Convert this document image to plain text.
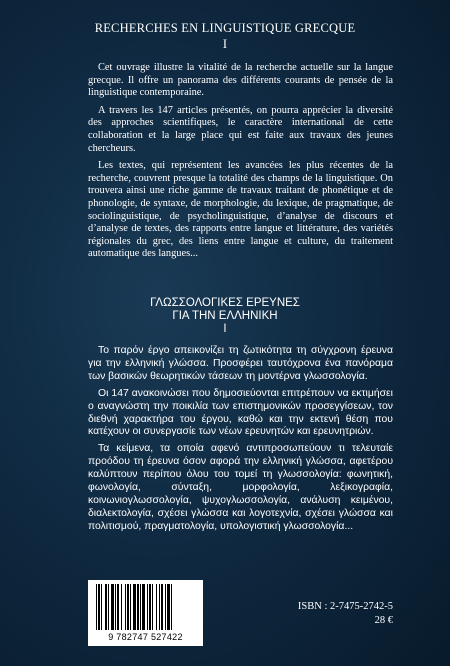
RECHERCHES EN LINGUISTIQUE GRECQUE
I

Cet ouvrage illustre la vitalité de la recherche actuelle sur la langue grecque. Il offre un panorama des différents courants de pensée de la linguistique contemporaine.

A travers les 147 articles présentés, on pourra apprécier la diversité des approches scientifiques, le caractère international de cette collaboration et la large place qui est faite aux travaux des jeunes chercheurs.

Les textes, qui représentent les avancées les plus récentes de la recherche, couvrent presque la totalité des champs de la linguistique. On trouvera ainsi une riche gamme de travaux traitant de phonétique et de phonologie, de syntaxe, de morphologie, du lexique, de pragmatique, de sociolinguistique, de psycholinguistique, d’analyse de discours et d’analyse de textes, des rapports entre langue et littérature, des variétés régionales du grec, des liens entre langue et culture, du traitement automatique des langues...

ΓΛΩΣΣΟΛΟΓΙΚΕΣ ΕΡΕΥΝΕΣ
ΓΙΑ ΤΗΝ ΕΛΛΗΝΙΚΗ
I

Το παρόν έργο απεικονίζει τη ζωτικότητα τη σύγχρονη έρευνα για την ελληνική γλώσσα. Προσφέρει ταυτόχρονα ένα πανόραμα των βασικών θεωρητικών τάσεων τη μοντέρνα γλωσσολογία.

Οι 147 ανακοινώσει που δημοσιεύονται επιτρέπουν να εκτιμήσει ο αναγνώστη την ποικιλία των επιστημονικών προσεγγίσεων, τον διεθνή χαρακτήρα του έργου, καθώ και την εκτενή θέση που κατέχουν οι συνεργασίε των νέων ερευνητών και ερευνητριών.

Τα κείμενα, τα οποία αφενό αντιπροσωπεύουν τι τελευταίε προόδου τη έρευνα όσον αφορά την ελληνική γλώσσα, αφετέρου καλύπτουν περίπου όλου του τομεί τη γλωσσολογία: φωνητική, φωνολογία, σύνταξη, μορφολογία, λεξικογραφία, κοινωνιογλωσσολογία, ψυχογλωσσολογία, ανάλυση κειμένου, διαλεκτολογία, σχέσει γλώσσα και λογοτεχνία, σχέσει γλώσσα και πολιτισμού, πραγματολογία, υπολογιστική γλωσσολογία...

9 782747 527422
ISBN : 2-7475-2742-5
28 €
